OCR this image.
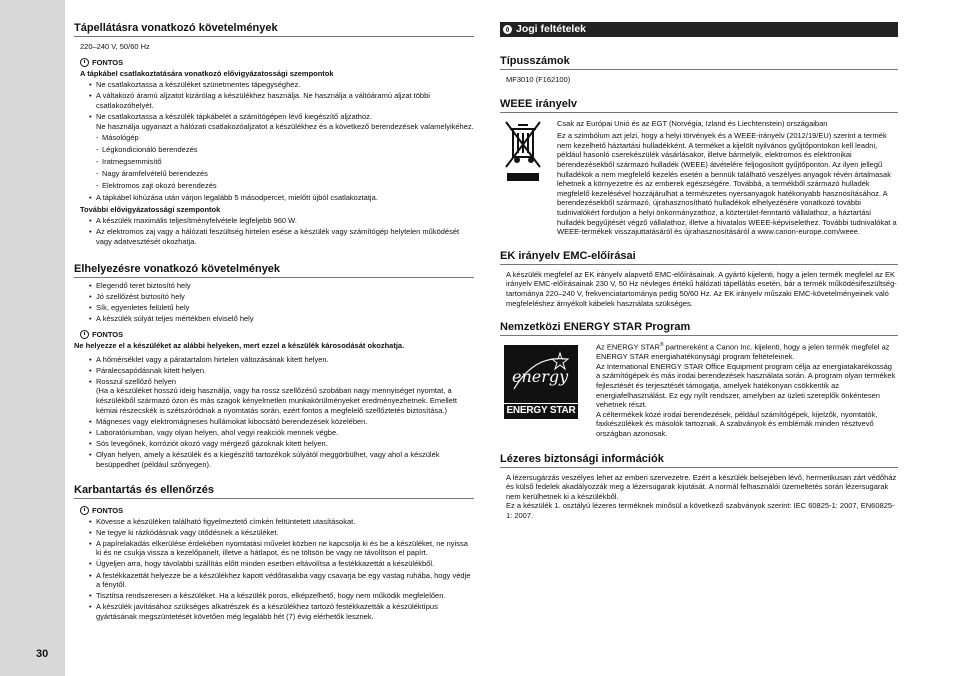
30
Tápellátásra vonatkozó követelmények

220–240 V, 50/60 Hz

FONTOS

A tápkábel csatlakoztatására vonatkozó elővigyázatossági szempontok

• Ne csatlakoztassa a készüléket szünetmentes tápegységhez.
• A váltakozó áramú aljzatot kizárólag a készülékhez használja. Ne használja a váltóáramú aljzat többi csatlakozóhelyét.
• Ne csatlakoztassa a készülék tápkábelét a számítógépen lévő kiegészítő aljzathoz.
Ne használja ugyanazt a hálózati csatlakozóaljzatot a készülékhez és a következő berendezések valamelyikéhez.
- Másológép
- Légkondicionáló berendezés
- Iratmegsemmisítő
- Nagy áramfelvételű berendezés
- Elektromos zajt okozó berendezés
• A tápkábel kihúzása után várjon legalább 5 másodpercet, mielőtt újból csatlakoztatja.

További elővigyázatossági szempontok

• A készülék maximális teljesítményfelvétele legfeljebb 960 W.
• Az elektromos zaj vagy a hálózati feszültség hirtelen esése a készülék vagy számítógép helytelen működését vagy adatvesztését okozhatja.
Elhelyezésre vonatkozó követelmények
• Elegendő teret biztosító hely
• Jó szellőzést biztosító hely
• Sík, egyenletes felületű hely
• A készülék súlyát teljes mértékben elviselő hely
FONTOS

Ne helyezze el a készüléket az alábbi helyeken, mert ezzel a készülék károsodását okozhatja.

• A hőmérséklet vagy a páratartalom hirtelen változásának kitett helyen.
• Páralecsapódásnak kitett helyen.
• Rosszul szellőző helyen
(Ha a készüléket hosszú ideig használja, vagy ha rossz szellőzésű szobában nagy mennyiséget nyomtat, a készülékből származó ózon és más szagok kényelmetlen munkakörülményeket eredményezhetnek. Emellett kémiai részecskék is szétszóródnak a nyomtatás során, ezért fontos a megfelelő szellőztetés biztosítása.)
• Mágneses vagy elektromágneses hullámokat kibocsátó berendezések közelében.
• Laboratóriumban, vagy olyan helyen, ahol vegyi reakciók mennek végbe.
• Sós levegőnek, korróziót okozó vagy mérgező gázoknak kitett helyen.
• Olyan helyen, amely a készülék és a kiegészítő tartozékok súlyától meggörbülhet, vagy ahol a készülék besüppedhet (például szőnyegen).
Karbantartás és ellenőrzés
FONTOS
• Kövesse a készüléken található figyelmeztető címkén feltüntetett utasításokat.
• Ne tegye ki rázkódásnak vagy ütődésnek a készüléket.
• A papírelakadás elkerülése érdekében nyomtatási művelet közben ne kapcsolja ki és be a készüléket, ne nyissa ki és ne csukja vissza a kezelőpanelt, illetve a hátlapot, és ne töltsön be vagy ne távolítson el papírt.
• Ügyeljen arra, hogy távolabbi szállítás előtt minden esetben eltávolítsa a festékkazettát a készülékből.
• A festékkazettát helyezze be a készülékhez kapott védőtasakba vagy csavarja be egy vastag ruhába, hogy védje a fénytől.
• Tisztítsa rendszeresen a készüléket. Ha a készülék poros, elképzelhető, hogy nem működik megfelelően.
• A készülék javításához szükséges alkatrészek és a készülékhez tartozó festékkazetták a készüléktípus gyártásának megszüntetését követően még legalább hét (7) évig elérhetők lesznek.
Jogi feltételek
Típusszámok

MF3010 (F162100)

WEEE irányelv

Csak az Európai Unió és az EGT (Norvégia, Izland és Liechtenstein) országaiban

Ez a szimbólum azt jelzi, hogy a helyi törvények és a WEEE-irányelv (2012/19/EU) szerint a termék nem kezelhető háztartási hulladékként. A terméket a kijelölt nyilvános gyűjtőpontokon kell leadni, például hasonló cserekészülék vásárlásakor, illetve bármelyik, elektromos és elektronikai berendezésekből származó hulladék (WEEE) átvételére feljogosított gyűjtőponton. Az ilyen jellegű hulladékok a nem megfelelő kezelés esetén a bennük található veszélyes anyagok révén ártalmasak lehetnek a környezetre és az emberek egészségére. Továbbá, a termékből származó hulladék megfelelő kezelésével hozzájárulhat a természetes nyersanyagok hatékonyabb hasznosításához. A berendezésekből származó, újrahasznosítható hulladékok elhelyezésére vonatkozó további tudnivalókért forduljon a helyi önkormányzathoz, a közterület-fenntartó vállalathoz, a háztartási hulladék begyűjtését végző vállalathoz, illetve a hivatalos WEEE-képviselethez. További tudnivalókat a WEEE-termékek visszajuttatásáról és újrahasznosításáról a www.canon-europe.com/weee.

EK irányelv EMC-előírásai

A készülék megfelel az EK irányelv alapvető EMC-előírásainak. A gyártó kijelenti, hogy a jelen termék megfelel az EK irányelv EMC-előírásainak 230 V, 50 Hz névleges értékű hálózati tápellátás esetén, bár a termék működésifeszültség-tartománya 220–240 V, frekvenciatartománya pedig 50/60 Hz. Az EK irányelv műszaki EMC-követelményeinek való megfeleléshez árnyékolt kábelek használata szükséges.

Nemzetközi ENERGY STAR Program
energy
ENERGY STAR

Az ENERGY STAR® partnereként a Canon Inc. kijelenti, hogy a jelen termék megfelel az ENERGY STAR energiahatékonysági program feltételeinek.

Az International ENERGY STAR Office Equipment program célja az energiatakarékosság a számítógépek és más irodai berendezések használata során. A program olyan termékek fejlesztését és terjesztését támogatja, amelyek hatékonyan csökkentik az energiafelhasználást. Ez egy nyílt rendszer, amelyben az üzleti szereplők önkéntesen vehetnek részt.

A céltermékek közé irodai berendezések, például számítógépek, kijelzők, nyomtatók, faxkészülékek és másolók tartoznak. A szabványok és emblémák minden résztvevő országban azonosak.

Lézeres biztonsági információk

A lézersugárzás veszélyes lehet az emberi szervezetre. Ezért a készülék belsejében lévő, hermetikusan zárt védőház és külső fedelek akadályozzák meg a lézersugarak kijutását. A normál felhasználói üzemeltetés során lézersugarak nem kerülhetnek ki a készülékből.

Ez a készülék 1. osztályú lézeres terméknek minősül a következő szabványok szerint: IEC 60825-1: 2007, EN60825-1: 2007.
